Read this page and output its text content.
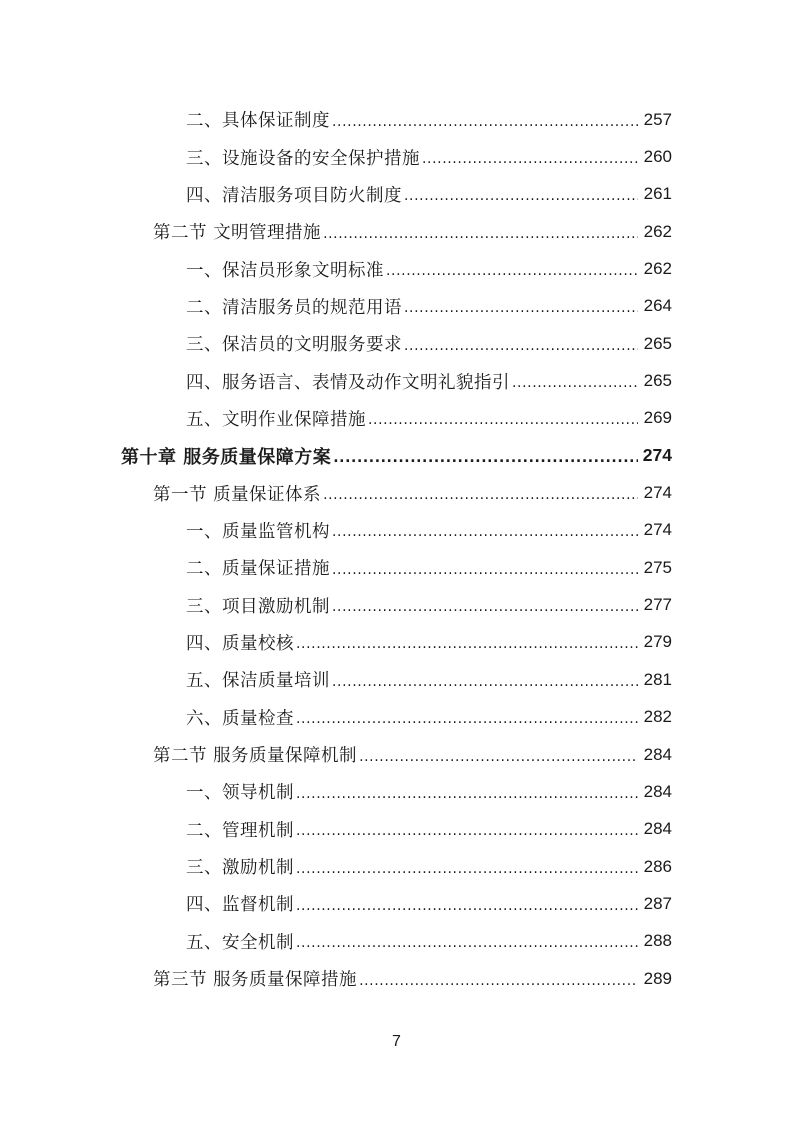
二、具体保证制度 .....	257
三、设施设备的安全保护措施 .....	260
四、清洁服务项目防火制度 .....	261
第二节 文明管理措施 .....	262
一、保洁员形象文明标准 .....	262
二、清洁服务员的规范用语 .....	264
三、保洁员的文明服务要求 .....	265
四、服务语言、表情及动作文明礼貌指引 .....	265
五、文明作业保障措施 .....	269
第十章 服务质量保障方案 .....	274
第一节 质量保证体系 .....	274
一、质量监管机构 .....	274
二、质量保证措施 .....	275
三、项目激励机制 .....	277
四、质量校核 .....	279
五、保洁质量培训 .....	281
六、质量检查 .....	282
第二节 服务质量保障机制 .....	284
一、领导机制 .....	284
二、管理机制 .....	284
三、激励机制 .....	286
四、监督机制 .....	287
五、安全机制 .....	288
第三节 服务质量保障措施 .....	289
7
